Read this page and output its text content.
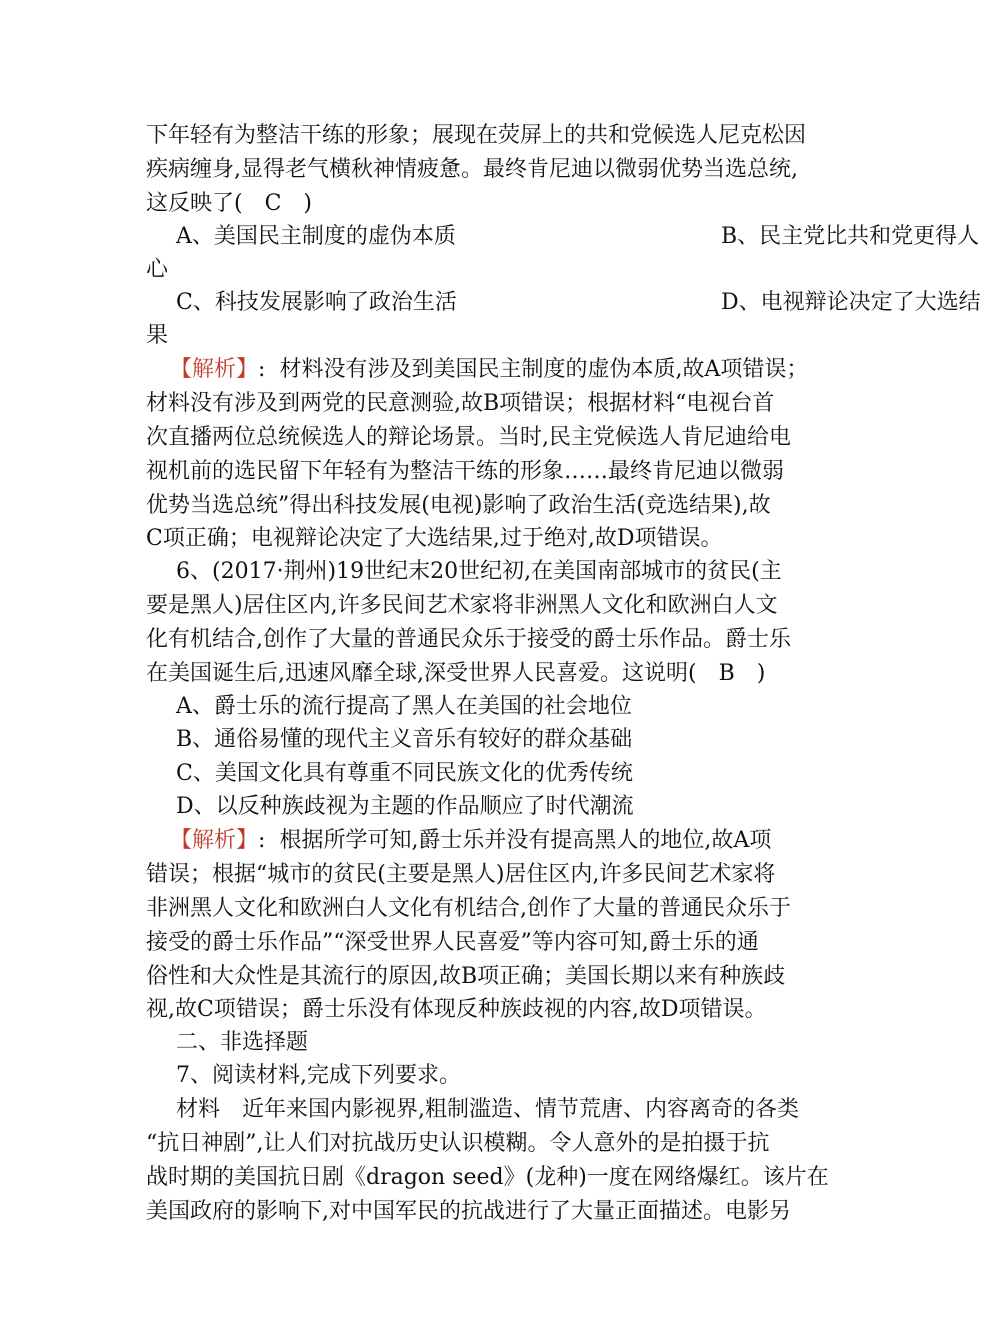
下年轻有为整洁干练的形象；展现在荧屏上的共和党候选人尼克松因
疾病缠身,显得老气横秋神情疲惫。最终肯尼迪以微弱优势当选总统,
这反映了(　C　)
A、美国民主制度的虚伪本质	B、民主党比共和党更得人
心
C、科技发展影响了政治生活	D、电视辩论决定了大选结
果
【解析】: 材料没有涉及到美国民主制度的虚伪本质,故A项错误；
材料没有涉及到两党的民意测验,故B项错误；根据材料“电视台首
次直播两位总统候选人的辩论场景。当时,民主党候选人肯尼迪给电
视机前的选民留下年轻有为整洁干练的形象……最终肯尼迪以微弱
优势当选总统”得出科技发展(电视)影响了政治生活(竞选结果),故
C项正确；电视辩论决定了大选结果,过于绝对,故D项错误。
6、(2017·荆州)19世纪末20世纪初,在美国南部城市的贫民(主
要是黑人)居住区内,许多民间艺术家将非洲黑人文化和欧洲白人文
化有机结合,创作了大量的普通民众乐于接受的爵士乐作品。爵士乐
在美国诞生后,迅速风靡全球,深受世界人民喜爱。这说明(　B　)
A、爵士乐的流行提高了黑人在美国的社会地位
B、通俗易懂的现代主义音乐有较好的群众基础
C、美国文化具有尊重不同民族文化的优秀传统
D、以反种族歧视为主题的作品顺应了时代潮流
【解析】: 根据所学可知,爵士乐并没有提高黑人的地位,故A项
错误；根据“城市的贫民(主要是黑人)居住区内,许多民间艺术家将
非洲黑人文化和欧洲白人文化有机结合,创作了大量的普通民众乐于
接受的爵士乐作品”“深受世界人民喜爱”等内容可知,爵士乐的通
俗性和大众性是其流行的原因,故B项正确；美国长期以来有种族歧
视,故C项错误；爵士乐没有体现反种族歧视的内容,故D项错误。
二、非选择题
7、阅读材料,完成下列要求。
材料　近年来国内影视界,粗制滥造、情节荒唐、内容离奇的各类
“抗日神剧”,让人们对抗战历史认识模糊。令人意外的是拍摄于抗
战时期的美国抗日剧《dragon seed》(龙种)一度在网络爆红。该片在
美国政府的影响下,对中国军民的抗战进行了大量正面描述。电影另
